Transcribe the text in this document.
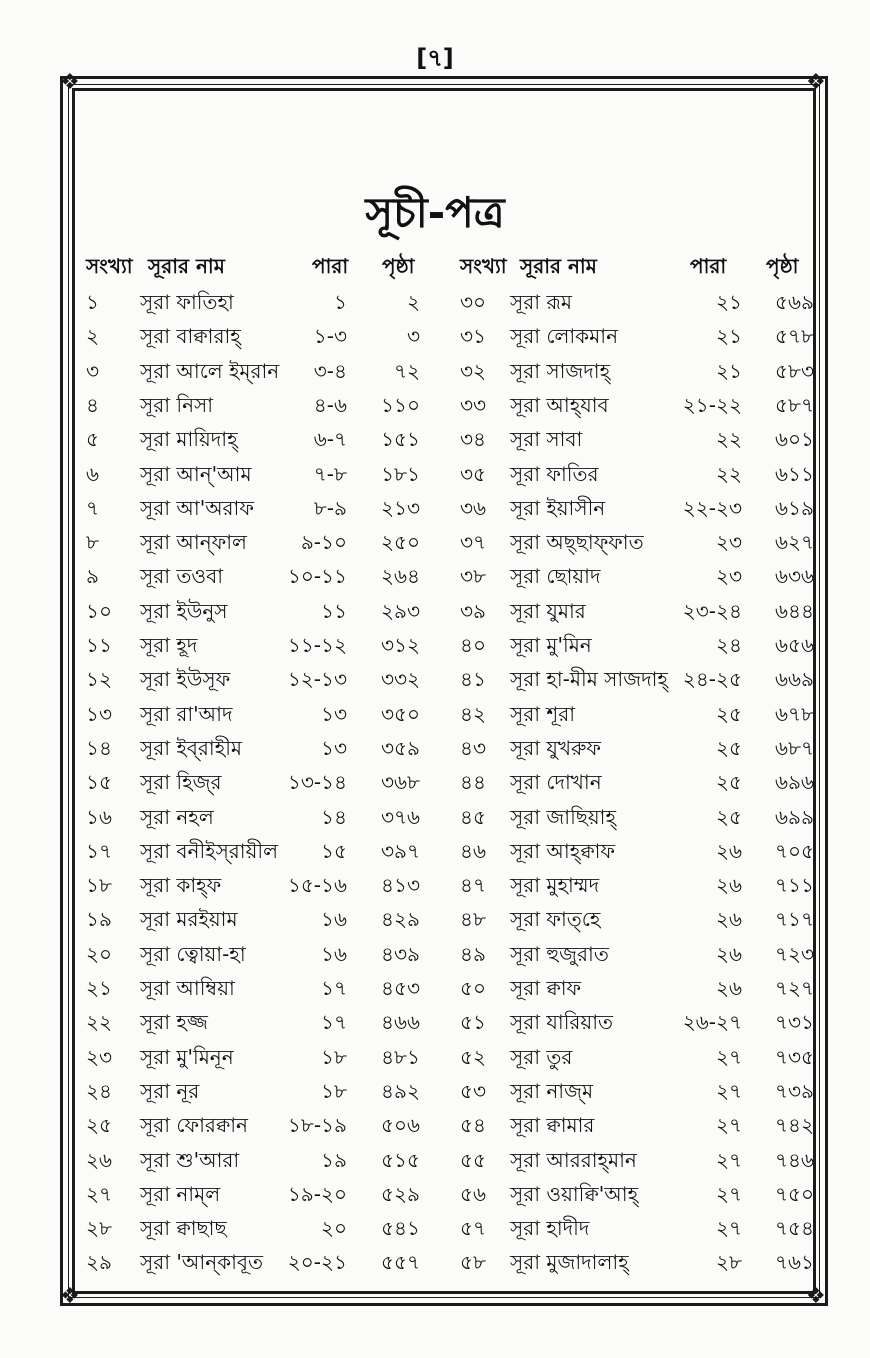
[৭]
❖	❖
❖	❖
সূচী-পত্র
সংখ্যা সূরার নাম	পারা পৃষ্ঠা সংখ্যা সূরার নাম	পারা পৃষ্ঠা
১ সূরা ফাতিহা	১	২ ৩০ সূরা রূম	২১ ৫৬৯
২ সূরা বাক্বারাহ্	১-৩	৩ ৩১ সূরা লোকমান	২১ ৫৭৮
৩ সূরা আলে ইম্‌রান ৩-৪ ৭২ ৩২ সূরা সাজদাহ্	২১ ৫৮৩
৪ সূরা নিসা	৪-৬ ১১০ ৩৩ সূরা আহ্‌যাব	২১-২২ ৫৮৭
৫ সূরা মায়িদাহ্	৬-৭ ১৫১ ৩৪ সূরা সাবা	২২ ৬০১
৬ সূরা আন্‌'আম	৭-৮ ১৮১ ৩৫ সূরা ফাতির	২২ ৬১১
৭ সূরা আ'অরাফ	৮-৯ ২১৩ ৩৬ সূরা ইয়াসীন	২২-২৩ ৬১৯
৮ সূরা আন্‌ফাল	৯-১০ ২৫০ ৩৭ সূরা অছ্‌ছাফ্‌ফাত	২৩ ৬২৭
৯ সূরা তওবা	১০-১১ ২৬৪ ৩৮ সূরা ছোয়াদ	২৩ ৬৩৬
১০ সূরা ইউনুস	১১ ২৯৩ ৩৯ সূরা যুমার	২৩-২৪ ৬৪৪
১১ সূরা হূদ	১১-১২ ৩১২ ৪০ সূরা মু'মিন	২৪ ৬৫৬
১২ সূরা ইউসূফ	১২-১৩ ৩৩২ ৪১ সূরা হা-মীম সাজদাহ্ ২৪-২৫ ৬৬৯
১৩ সূরা রা'আদ	১৩ ৩৫০ ৪২ সূরা শূরা	২৫ ৬৭৮
১৪ সূরা ইব্‌রাহীম	১৩ ৩৫৯ ৪৩ সূরা যুখরুফ	২৫ ৬৮৭
১৫ সূরা হিজ্‌র	১৩-১৪ ৩৬৮ ৪৪ সূরা দোখান	২৫ ৬৯৬
১৬ সূরা নহল	১৪ ৩৭৬ ৪৫ সূরা জাছিয়াহ্	২৫ ৬৯৯
১৭ সূরা বনীইস্‌রায়ীল ১৫ ৩৯৭ ৪৬ সূরা আহ্‌ক্বাফ	২৬ ৭০৫
১৮ সূরা কাহ্‌ফ	১৫-১৬ ৪১৩ ৪৭ সূরা মুহাম্মদ	২৬ ৭১১
১৯ সূরা মরইয়াম	১৬ ৪২৯ ৪৮ সূরা ফাত্‌হে	২৬ ৭১৭
২০ সূরা ত্বোয়া-হা	১৬ ৪৩৯ ৪৯ সূরা হুজুরাত	২৬ ৭২৩
২১ সূরা আম্বিয়া	১৭ ৪৫৩ ৫০ সূরা ক্বাফ	২৬ ৭২৭
২২ সূরা হজ্জ	১৭ ৪৬৬ ৫১ সূরা যারিয়াত	২৬-২৭ ৭৩১
২৩ সূরা মু'মিনূন	১৮ ৪৮১ ৫২ সূরা তুর	২৭ ৭৩৫
২৪ সূরা নূর	১৮ ৪৯২ ৫৩ সূরা নাজ্‌ম	২৭ ৭৩৯
২৫ সূরা ফোরক্বান ১৮-১৯ ৫০৬ ৫৪ সূরা ক্বামার	২৭ ৭৪২
২৬ সূরা শু'আরা	১৯ ৫১৫ ৫৫ সূরা আররাহ্‌মান	২৭ ৭৪৬
২৭ সূরা নাম্‌ল	১৯-২০ ৫২৯ ৫৬ সূরা ওয়াক্বি'আহ্	২৭ ৭৫০
২৮ সূরা ক্বাছাছ	২০ ৫৪১ ৫৭ সূরা হাদীদ	২৭ ৭৫৪
২৯ সূরা 'আন্‌কাবূত ২০-২১ ৫৫৭ ৫৮ সূরা মুজাদালাহ্	২৮ ৭৬১
